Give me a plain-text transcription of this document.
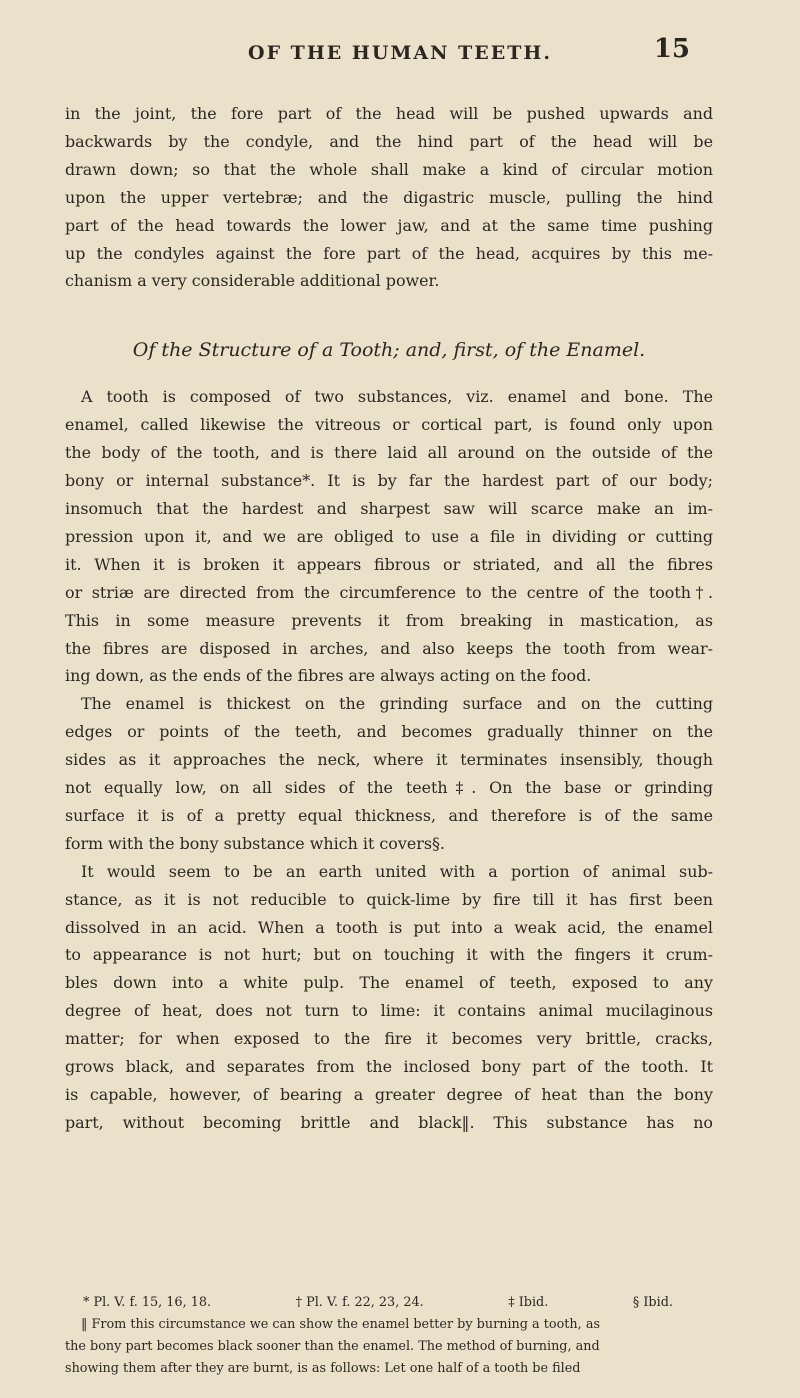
OF THE HUMAN TEETH.	15
in the joint, the fore part of the head will be pushed upwards and
backwards by the condyle, and the hind part of the head will be
drawn down; so that the whole shall make a kind of circular motion
upon the upper vertebræ; and the digastric muscle, pulling the hind
part of the head towards the lower jaw, and at the same time pushing
up the condyles against the fore part of the head, acquires by this me-
chanism a very considerable additional power.
Of the Structure of a Tooth; and, first, of the Enamel.
A tooth is composed of two substances, viz. enamel and bone. The
enamel, called likewise the vitreous or cortical part, is found only upon
the body of the tooth, and is there laid all around on the outside of the
bony or internal substance*. It is by far the hardest part of our body;
insomuch that the hardest and sharpest saw will scarce make an im-
pression upon it, and we are obliged to use a file in dividing or cutting
it. When it is broken it appears fibrous or striated, and all the fibres
or striæ are directed from the circumference to the centre of the tooth†.
This in some measure prevents it from breaking in mastication, as
the fibres are disposed in arches, and also keeps the tooth from wear-
ing down, as the ends of the fibres are always acting on the food.
The enamel is thickest on the grinding surface and on the cutting
edges or points of the teeth, and becomes gradually thinner on the
sides as it approaches the neck, where it terminates insensibly, though
not equally low, on all sides of the teeth‡. On the base or grinding
surface it is of a pretty equal thickness, and therefore is of the same
form with the bony substance which it covers§.
It would seem to be an earth united with a portion of animal sub-
stance, as it is not reducible to quick-lime by fire till it has first been
dissolved in an acid. When a tooth is put into a weak acid, the enamel
to appearance is not hurt; but on touching it with the fingers it crum-
bles down into a white pulp. The enamel of teeth, exposed to any
degree of heat, does not turn to lime: it contains animal mucilaginous
matter; for when exposed to the fire it becomes very brittle, cracks,
grows black, and separates from the inclosed bony part of the tooth. It
is capable, however, of bearing a greater degree of heat than the bony
part, without becoming brittle and black‖. This substance has no
* Pl. V. f. 15, 16, 18.	† Pl. V. f. 22, 23, 24.	‡ Ibid.	§ Ibid.
‖ From this circumstance we can show the enamel better by burning a tooth, as
the bony part becomes black sooner than the enamel. The method of burning, and
showing them after they are burnt, is as follows: Let one half of a tooth be filed
